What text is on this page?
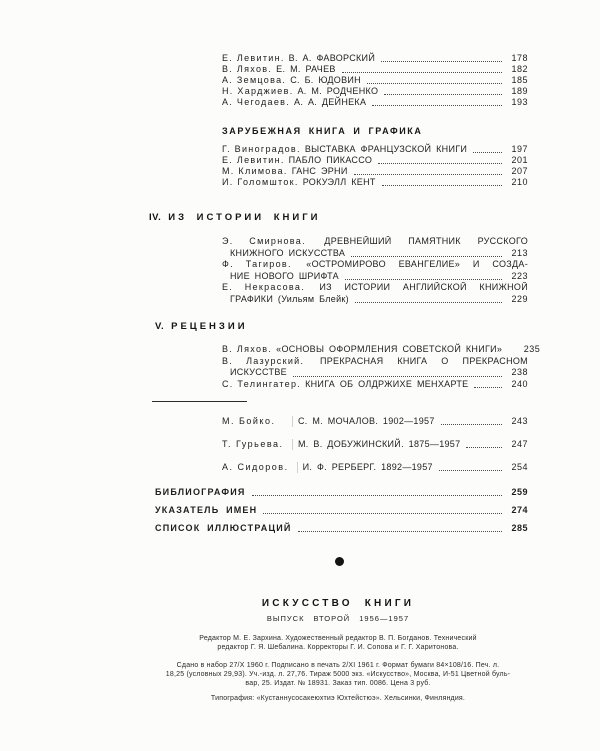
Е. Левитин. В. А. ФАВОРСКИЙ	178
В. Ляхов. Е. М. РАЧЕВ	182
А. Земцова. С. Б. ЮДОВИН	185
Н. Харджиев. А. М. РОДЧЕНКО	189
А. Чегодаев. А. А. ДЕЙНЕКА	193
ЗАРУБЕЖНАЯ КНИГА И ГРАФИКА
Г. Виноградов. ВЫСТАВКА ФРАНЦУЗСКОЙ КНИГИ	197
Е. Левитин. ПАБЛО ПИКАССО	201
М. Климова. ГАНС ЭРНИ	207
И. Голомшток. РОКУЭЛЛ КЕНТ	210
IV. ИЗ ИСТОРИИ КНИГИ
Э. Смирнова. ДРЕВНЕЙШИЙ ПАМЯТНИК РУССКОГО
КНИЖНОГО ИСКУССТВА	213
Ф. Тагиров. «ОСТРОМИРОВО ЕВАНГЕЛИЕ» И СОЗДА-
НИЕ НОВОГО ШРИФТА	223
Е. Некрасова. ИЗ ИСТОРИИ АНГЛИЙСКОЙ КНИЖНОЙ
ГРАФИКИ (Уильям Блейк)	229
V. РЕЦЕНЗИИ
В. Ляхов. «ОСНОВЫ ОФОРМЛЕНИЯ СОВЕТСКОЙ КНИГИ»	235
В. Лазурский. ПРЕКРАСНАЯ КНИГА О ПРЕКРАСНОМ
ИСКУССТВЕ	238
С. Телингатер. КНИГА ОБ ОЛДРЖИХЕ МЕНХАРТЕ	240
М. Бойко.	С. М. МОЧАЛОВ. 1902—1957	243
Т. Гурьева.	М. В. ДОБУЖИНСКИЙ. 1875—1957	247
А. Сидоров.	И. Ф. РЕРБЕРГ. 1892—1957	254
БИБЛИОГРАФИЯ	259
УКАЗАТЕЛЬ ИМЕН	274
СПИСОК ИЛЛЮСТРАЦИЙ	285
ИСКУССТВО КНИГИ
ВЫПУСК ВТОРОЙ 1956—1957
Редактор М. Е. Зархина. Художественный редактор В. П. Богданов. Технический
редактор Г. Я. Шебалина. Корректоры Г. И. Сопова и Г. Г. Харитонова.
Сдано в набор 27/X 1960 г. Подписано в печать 2/XI 1961 г. Формат бумаги 84×108/16. Печ. л.
18,25 (условных 29,93). Уч.-изд. л. 27,76. Тираж 5000 экз. «Искусство», Москва, И-51 Цветной буль-
вар, 25. Издат. № 18931. Заказ тип. 0086. Цена 3 руб.
Типография: «Кустаннусосакеюхтиэ Юхтейстюэ». Хельсинки, Финляндия.
